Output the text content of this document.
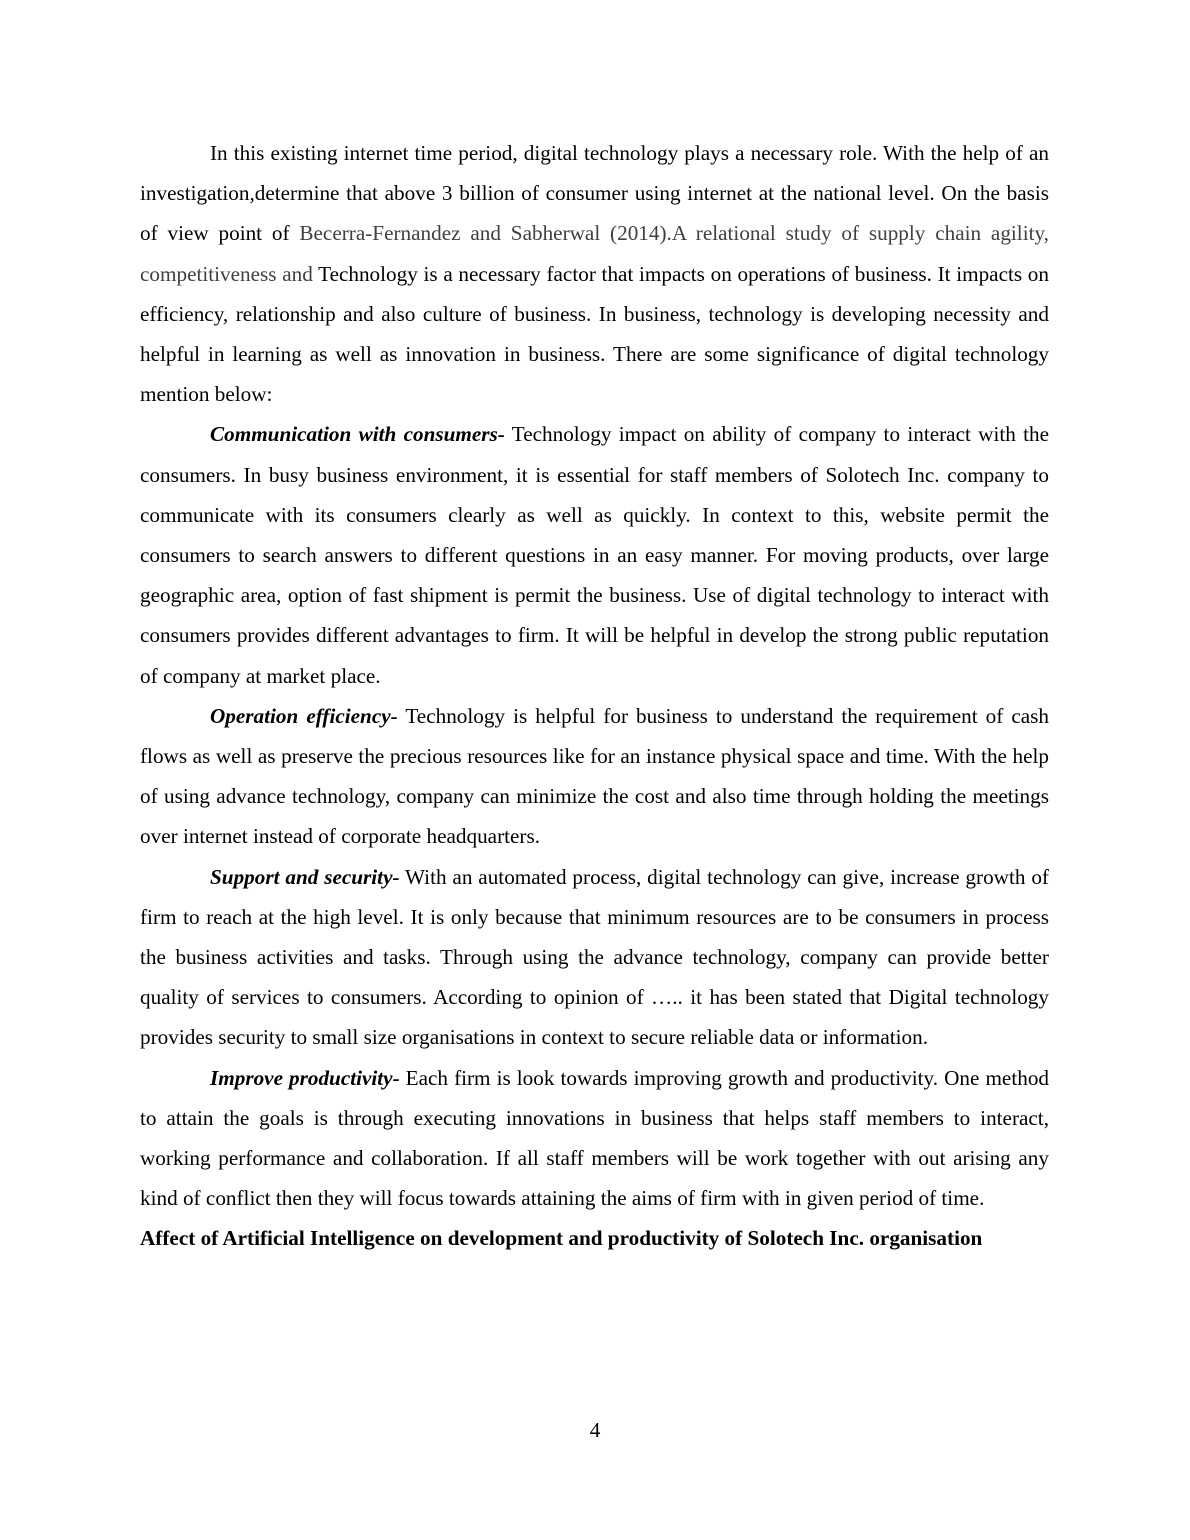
In this existing internet time period, digital technology plays a necessary role. With the help of an investigation,determine that above 3 billion of consumer using internet at the national level. On the basis of view point of Becerra-Fernandez and Sabherwal (2014).A relational study of supply chain agility, competitiveness and Technology is a necessary factor that impacts on operations of business. It impacts on efficiency, relationship and also culture of business. In business, technology is developing necessity and helpful in learning as well as innovation in business. There are some significance of digital technology mention below:

Communication with consumers- Technology impact on ability of company to interact with the consumers. In busy business environment, it is essential for staff members of Solotech Inc. company to communicate with its consumers clearly as well as quickly. In context to this, website permit the consumers to search answers to different questions in an easy manner. For moving products, over large geographic area, option of fast shipment is permit the business. Use of digital technology to interact with consumers provides different advantages to firm. It will be helpful in develop the strong public reputation of company at market place.

Operation efficiency- Technology is helpful for business to understand the requirement of cash flows as well as preserve the precious resources like for an instance physical space and time. With the help of using advance technology, company can minimize the cost and also time through holding the meetings over internet instead of corporate headquarters.

Support and security- With an automated process, digital technology can give, increase growth of firm to reach at the high level. It is only because that minimum resources are to be consumers in process the business activities and tasks. Through using the advance technology, company can provide better quality of services to consumers. According to opinion of ….. it has been stated that Digital technology provides security to small size organisations in context to secure reliable data or information.

Improve productivity- Each firm is look towards improving growth and productivity. One method to attain the goals is through executing innovations in business that helps staff members to interact, working performance and collaboration. If all staff members will be work together with out arising any kind of conflict then they will focus towards attaining the aims of firm with in given period of time.

Affect of Artificial Intelligence on development and productivity of Solotech Inc. organisation

4
